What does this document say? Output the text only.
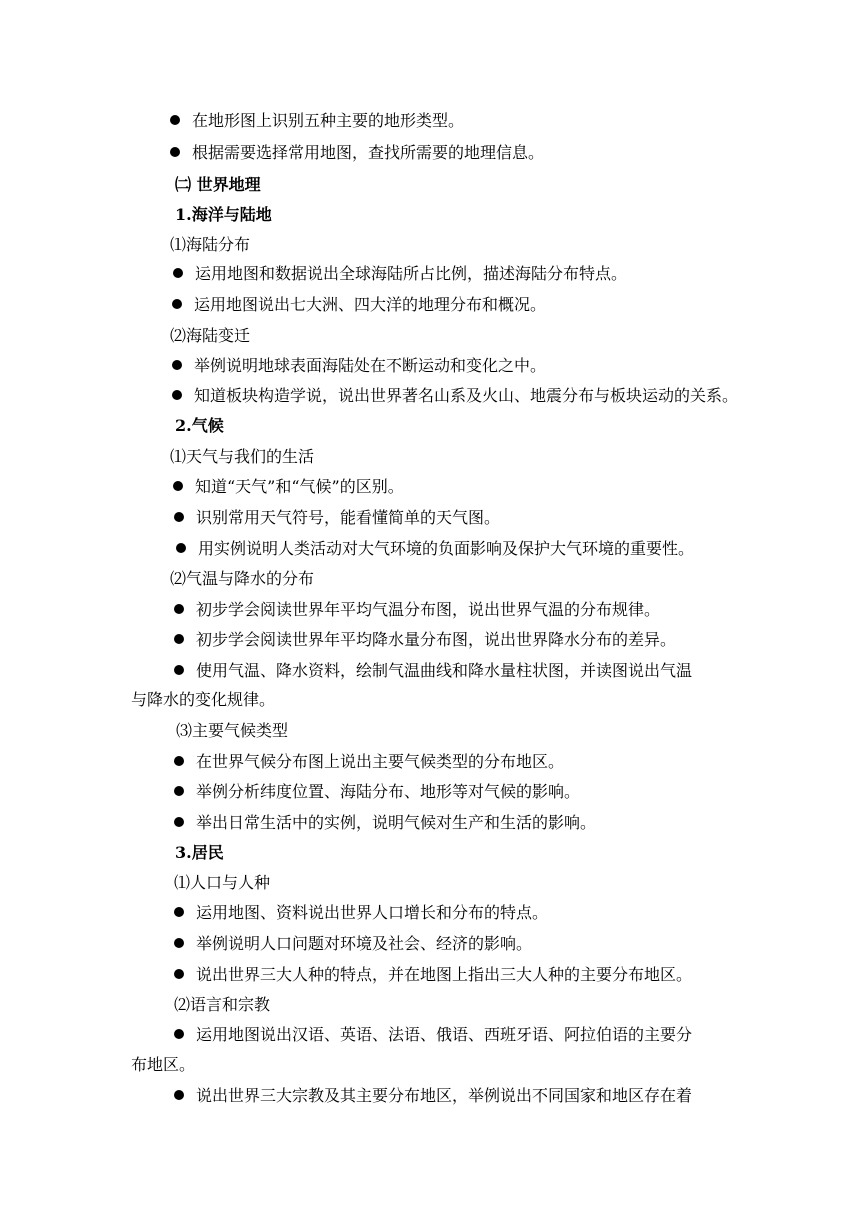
在地形图上识别五种主要的地形类型。
根据需要选择常用地图，查找所需要的地理信息。
㈡ 世界地理
1.海洋与陆地
⑴海陆分布
运用地图和数据说出全球海陆所占比例，描述海陆分布特点。
运用地图说出七大洲、四大洋的地理分布和概况。
⑵海陆变迁
举例说明地球表面海陆处在不断运动和变化之中。
知道板块构造学说，说出世界著名山系及火山、地震分布与板块运动的关系。
2.气候
⑴天气与我们的生活
知道“天气”和“气候”的区别。
识别常用天气符号，能看懂简单的天气图。
用实例说明人类活动对大气环境的负面影响及保护大气环境的重要性。
⑵气温与降水的分布
初步学会阅读世界年平均气温分布图，说出世界气温的分布规律。
初步学会阅读世界年平均降水量分布图，说出世界降水分布的差异。
使用气温、降水资料，绘制气温曲线和降水量柱状图，并读图说出气温
与降水的变化规律。
⑶主要气候类型
在世界气候分布图上说出主要气候类型的分布地区。
举例分析纬度位置、海陆分布、地形等对气候的影响。
举出日常生活中的实例，说明气候对生产和生活的影响。
3.居民
⑴人口与人种
运用地图、资料说出世界人口增长和分布的特点。
举例说明人口问题对环境及社会、经济的影响。
说出世界三大人种的特点，并在地图上指出三大人种的主要分布地区。
⑵语言和宗教
运用地图说出汉语、英语、法语、俄语、西班牙语、阿拉伯语的主要分
布地区。
说出世界三大宗教及其主要分布地区，举例说出不同国家和地区存在着
